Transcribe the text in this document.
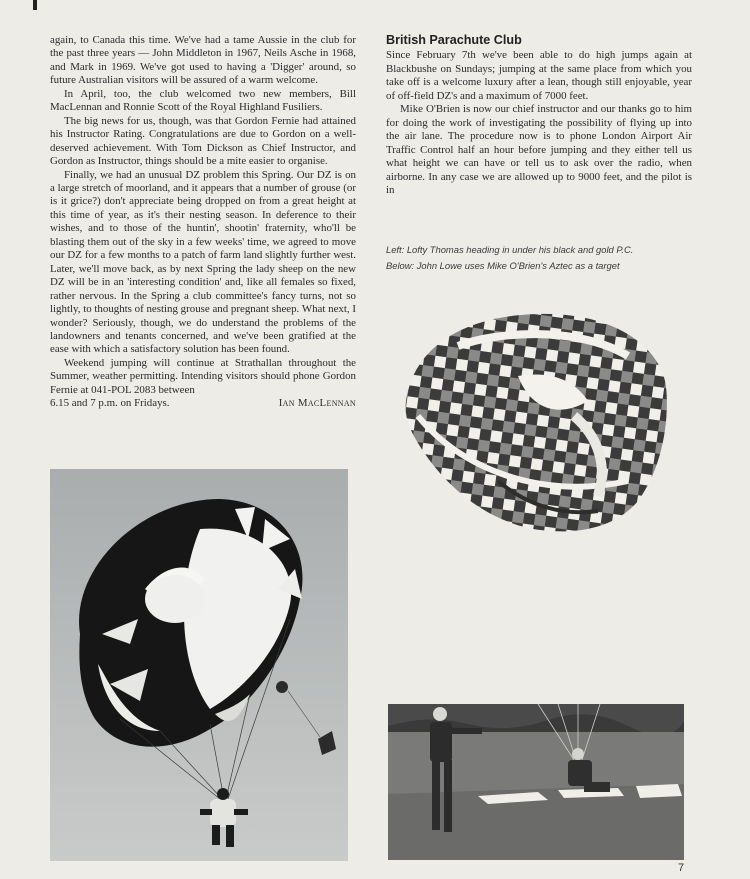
again, to Canada this time. We've had a tame Aussie in the club for the past three years — John Middleton in 1967, Neils Asche in 1968, and Mark in 1969. We've got used to having a 'Digger' around, so future Australian visitors will be assured of a warm welcome.

In April, too, the club welcomed two new members, Bill MacLennan and Ronnie Scott of the Royal Highland Fusiliers.

The big news for us, though, was that Gordon Fernie had attained his Instructor Rating. Congratulations are due to Gordon on a well-deserved achievement. With Tom Dickson as Chief Instructor, and Gordon as Instructor, things should be a mite easier to organise.

Finally, we had an unusual DZ problem this Spring. Our DZ is on a large stretch of moorland, and it appears that a number of grouse (or is it grice?) don't appreciate being dropped on from a great height at this time of year, as it's their nesting season. In deference to their wishes, and to those of the huntin', shootin' fraternity, who'll be blasting them out of the sky in a few weeks' time, we agreed to move our DZ for a few months to a patch of farm land slightly further west. Later, we'll move back, as by next Spring the lady sheep on the new DZ will be in an 'interesting condition' and, like all females so fixed, rather nervous. In the Spring a club committee's fancy turns, not so lightly, to thoughts of nesting grouse and pregnant sheep. What next, I wonder? Seriously, though, we do understand the problems of the landowners and tenants concerned, and we've been gratified at the ease with which a satisfactory solution has been found.

Weekend jumping will continue at Strathallan throughout the Summer, weather permitting. Intending visitors should phone Gordon Fernie at 041-POL 2083 between

6.15 and 7 p.m. on Fridays.	Ian MacLennan

British Parachute Club

Since February 7th we've been able to do high jumps again at Blackbushe on Sundays; jumping at the same place from which you take off is a welcome luxury after a lean, though still enjoyable, year of off-field DZ's and a maximum of 7000 feet.

Mike O'Brien is now our chief instructor and our thanks go to him for doing the work of investigating the possibility of flying up into the air lane. The procedure now is to phone London Airport Air Traffic Control half an hour before jumping and they either tell us what height we can have or tell us to ask over the radio, when airborne. In any case we are allowed up to 9000 feet, and the pilot is in

Left: Lofty Thomas heading in under his black and gold P.C.
Below: John Lowe uses Mike O'Brien's Aztec as a target
7
